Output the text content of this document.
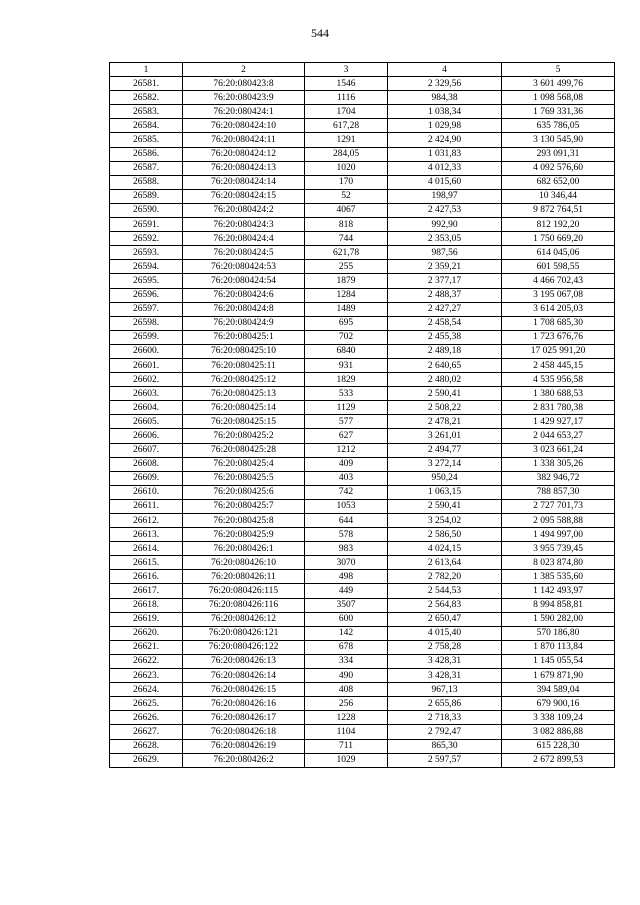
544
1	2	3	4	5
26581.	76:20:080423:8	1546	2 329,56	3 601 499,76
26582.	76:20:080423:9	1116	984,38	1 098 568,08
26583.	76:20:080424:1	1704	1 038,34	1 769 331,36
26584.	76:20:080424:10	617,28	1 029,98	635 786,05
26585.	76:20:080424:11	1291	2 424,90	3 130 545,90
26586.	76:20:080424:12	284,05	1 031,83	293 091,31
26587.	76:20:080424:13	1020	4 012,33	4 092 576,60
26588.	76:20:080424:14	170	4 015,60	682 652,00
26589.	76:20:080424:15	52	198,97	10 346,44
26590.	76:20:080424:2	4067	2 427,53	9 872 764,51
26591.	76:20:080424:3	818	992,90	812 192,20
26592.	76:20:080424:4	744	2 353,05	1 750 669,20
26593.	76:20:080424:5	621,78	987,56	614 045,06
26594.	76:20:080424:53	255	2 359,21	601 598,55
26595.	76:20:080424:54	1879	2 377,17	4 466 702,43
26596.	76:20:080424:6	1284	2 488,37	3 195 067,08
26597.	76:20:080424:8	1489	2 427,27	3 614 205,03
26598.	76:20:080424:9	695	2 458,54	1 708 685,30
26599.	76:20:080425:1	702	2 455,38	1 723 676,76
26600.	76:20:080425:10	6840	2 489,18	17 025 991,20
26601.	76:20:080425:11	931	2 640,65	2 458 445,15
26602.	76:20:080425:12	1829	2 480,02	4 535 956,58
26603.	76:20:080425:13	533	2 590,41	1 380 688,53
26604.	76:20:080425:14	1129	2 508,22	2 831 780,38
26605.	76:20:080425:15	577	2 478,21	1 429 927,17
26606.	76:20:080425:2	627	3 261,01	2 044 653,27
26607.	76:20:080425:28	1212	2 494,77	3 023 661,24
26608.	76:20:080425:4	409	3 272,14	1 338 305,26
26609.	76:20:080425:5	403	950,24	382 946,72
26610.	76:20:080425:6	742	1 063,15	788 857,30
26611.	76:20:080425:7	1053	2 590,41	2 727 701,73
26612.	76:20:080425:8	644	3 254,02	2 095 588,88
26613.	76:20:080425:9	578	2 586,50	1 494 997,00
26614.	76:20:080426:1	983	4 024,15	3 955 739,45
26615.	76:20:080426:10	3070	2 613,64	8 023 874,80
26616.	76:20:080426:11	498	2 782,20	1 385 535,60
26617.	76:20:080426:115	449	2 544,53	1 142 493,97
26618.	76:20:080426:116	3507	2 564,83	8 994 858,81
26619.	76:20:080426:12	600	2 650,47	1 590 282,00
26620.	76:20:080426:121	142	4 015,40	570 186,80
26621.	76:20:080426:122	678	2 758,28	1 870 113,84
26622.	76:20:080426:13	334	3 428,31	1 145 055,54
26623.	76:20:080426:14	490	3 428,31	1 679 871,90
26624.	76:20:080426:15	408	967,13	394 589,04
26625.	76:20:080426:16	256	2 655,86	679 900,16
26626.	76:20:080426:17	1228	2 718,33	3 338 109,24
26627.	76:20:080426:18	1104	2 792,47	3 082 886,88
26628.	76:20:080426:19	711	865,30	615 228,30
26629.	76:20:080426:2	1029	2 597,57	2 672 899,53
